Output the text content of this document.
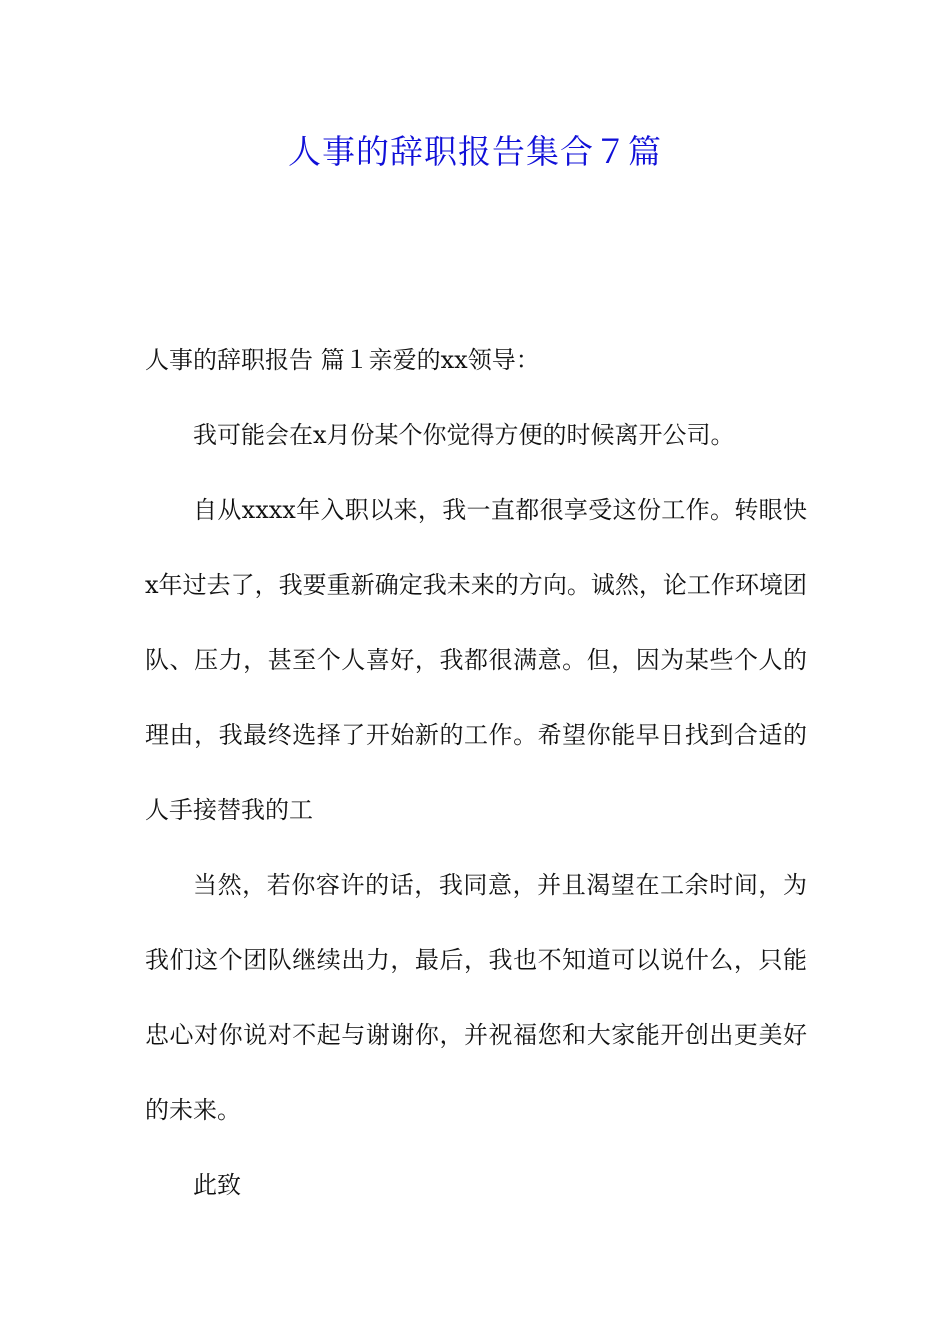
人事的辞职报告集合７篇

人事的辞职报告 篇１亲爱的xx领导：

我可能会在x月份某个你觉得方便的时候离开公司。

自从xxxx年入职以来，我一直都很享受这份工作。转眼快x年过去了，我要重新确定我未来的方向。诚然，论工作环境团队、压力，甚至个人喜好，我都很满意。但，因为某些个人的理由，我最终选择了开始新的工作。希望你能早日找到合适的人手接替我的工

当然，若你容许的话，我同意，并且渴望在工余时间，为我们这个团队继续出力，最后，我也不知道可以说什么，只能忠心对你说对不起与谢谢你，并祝福您和大家能开创出更美好的未来。

此致
